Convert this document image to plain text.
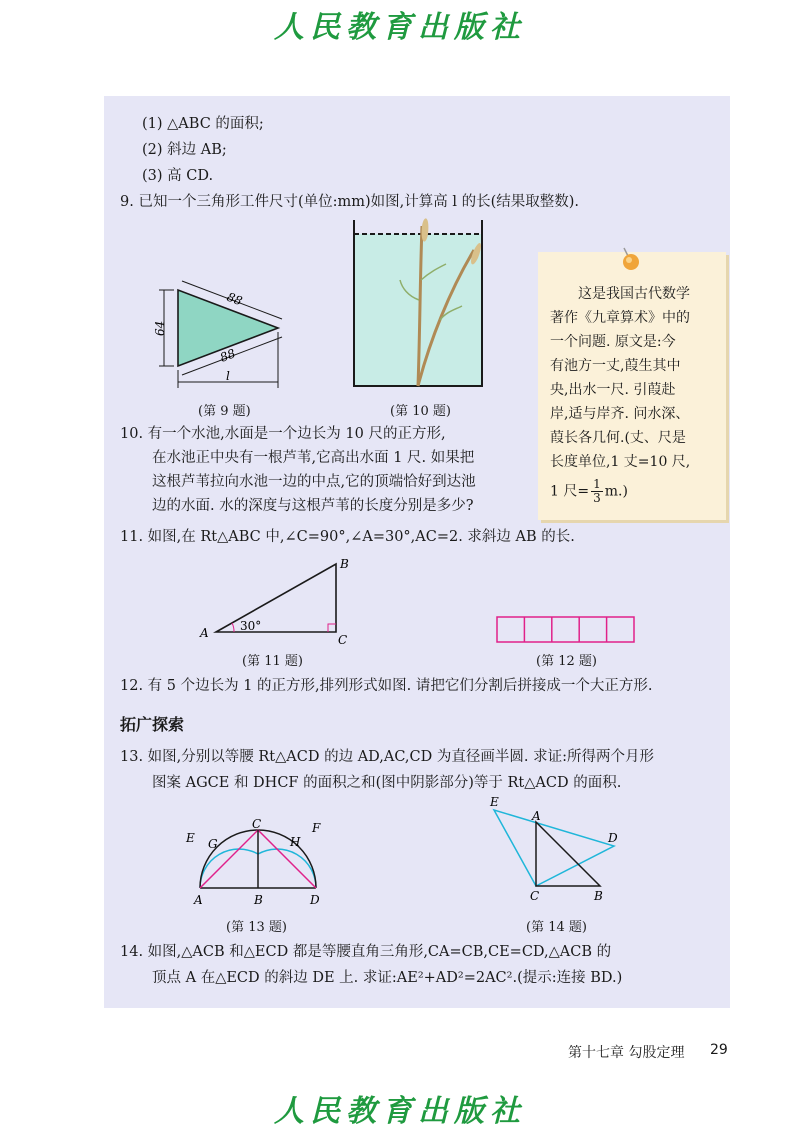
人民教育出版社
(1) △ABC 的面积;
(2) 斜边 AB;
(3) 高 CD.
9. 已知一个三角形工件尺寸(单位:mm)如图,计算高 l 的长(结果取整数).
88
88
64
l
(第 9 题)	(第 10 题)
这是我国古代数学
著作《九章算术》中的
一个问题. 原文是:今
有池方一丈,葭生其中
央,出水一尺. 引葭赴
岸,适与岸齐. 问水深、
葭长各几何.(丈、尺是
长度单位,1 丈=10 尺,
1 尺= $\frac{1}{3} m$.)
10. 有一个水池,水面是一个边长为 10 尺的正方形,
在水池正中央有一根芦苇,它高出水面 1 尺. 如果把
这根芦苇拉向水池一边的中点,它的顶端恰好到达池
边的水面. 水的深度与这根芦苇的长度分别是多少?
11. 如图,在 Rt△ABC 中,∠C=90°,∠A=30°,AC=2. 求斜边 AB 的长.
A
B
C
30°
(第 11 题)	(第 12 题)
12. 有 5 个边长为 1 的正方形,排列形式如图. 请把它们分割后拼接成一个大正方形.
拓广探索
13. 如图,分别以等腰 Rt△ACD 的边 AD,AC,CD 为直径画半圆. 求证:所得两个月形
图案 AGCE 和 DHCF 的面积之和(图中阴影部分)等于 Rt△ACD 的面积.
A	B
C
D
E
F
G	H
(第 13 题)
E
A
D
C	B
(第 14 题)
14. 如图,△ACB 和△ECD 都是等腰直角三角形,CA=CB,CE=CD,△ACB 的
顶点 A 在△ECD 的斜边 DE 上. 求证:AE²+AD²=2AC².(提示:连接 BD.)
第十七章 勾股定理 29
人民教育出版社
